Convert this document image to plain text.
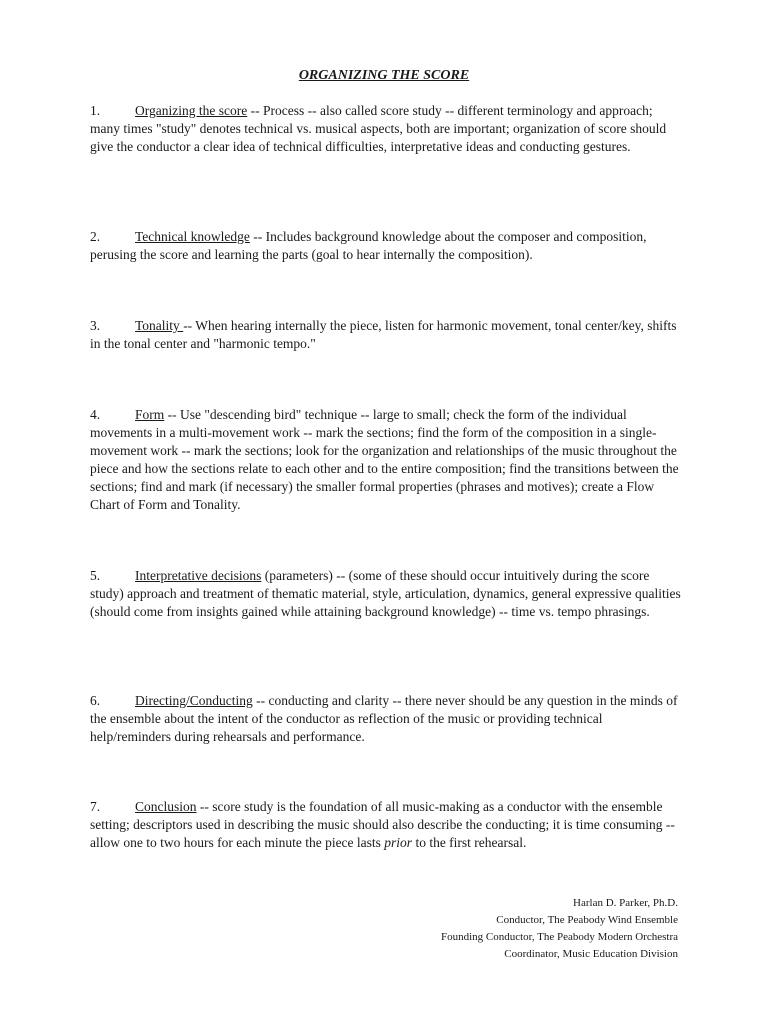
ORGANIZING THE SCORE

1.	Organizing the score -- Process -- also called score study -- different terminology and approach; many times "study" denotes technical vs. musical aspects, both are important; organization of score should give the conductor a clear idea of technical difficulties, interpretative ideas and conducting gestures.

2.	Technical knowledge -- Includes background knowledge about the composer and composition, perusing the score and learning the parts (goal to hear internally the composition).

3.	Tonality -- When hearing internally the piece, listen for harmonic movement, tonal center/key, shifts in the tonal center and "harmonic tempo."

4.	Form -- Use "descending bird" technique -- large to small; check the form of the individual movements in a multi-movement work -- mark the sections; find the form of the composition in a single-movement work -- mark the sections; look for the organization and relationships of the music throughout the piece and how the sections relate to each other and to the entire composition; find the transitions between the sections; find and mark (if necessary) the smaller formal properties (phrases and motives); create a Flow Chart of Form and Tonality.

5.	Interpretative decisions (parameters) -- (some of these should occur intuitively during the score study) approach and treatment of thematic material, style, articulation, dynamics, general expressive qualities (should come from insights gained while attaining background knowledge) -- time vs. tempo phrasings.

6.	Directing/Conducting -- conducting and clarity -- there never should be any question in the minds of the ensemble about the intent of the conductor as reflection of the music or providing technical help/reminders during rehearsals and performance.

7.	Conclusion -- score study is the foundation of all music-making as a conductor with the ensemble setting; descriptors used in describing the music should also describe the conducting; it is time consuming -- allow one to two hours for each minute the piece lasts prior to the first rehearsal.

Harlan D. Parker, Ph.D.
Conductor, The Peabody Wind Ensemble
Founding Conductor, The Peabody Modern Orchestra
Coordinator, Music Education Division
